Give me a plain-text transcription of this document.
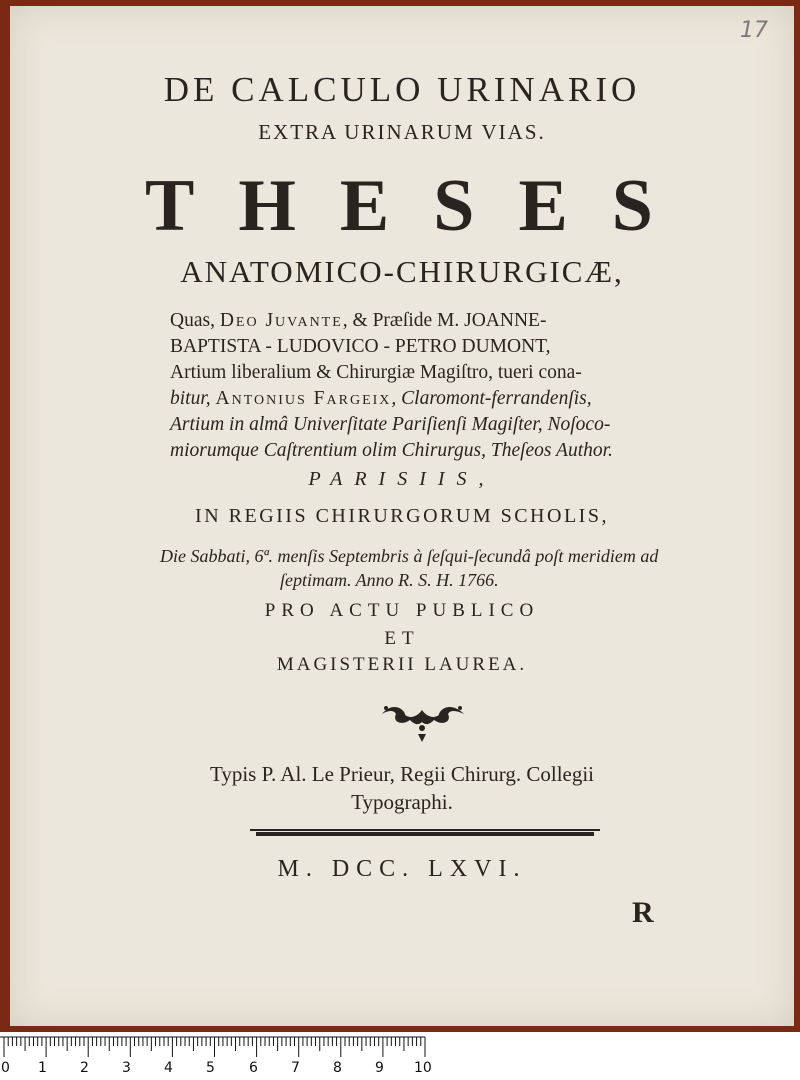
17
DE CALCULO URINARIO
EXTRA URINARUM VIAS.
THESES
ANATOMICO-CHIRURGICÆ,
Quas, Deo Juvante, & Præſide M. JOANNE-
BAPTISTA - LUDOVICO - PETRO DUMONT,
Artium liberalium & Chirurgiæ Magiſtro, tueri cona-
bitur, Antonius Fargeix, Claromont-ferrandenſis,
Artium in almâ Univerſitate Pariſienſi Magiſter, Noſoco-
miorumque Caſtrentium olim Chirurgus, Theſeos Author.
PARISIIS,
IN REGIIS CHIRURGORUM SCHOLIS,
Die Sabbati, 6ª. menſis Septembris à ſeſqui-ſecundâ poſt meridiem ad
ſeptimam. Anno R. S. H. 1766.
PRO ACTU PUBLICO
ET
MAGISTERII LAUREA.
Typis P. Al. Le Prieur, Regii Chirurg. Collegii
Typographi.
M. DCC. LXVI.
R
0 1 2 3 4 5 6 7 8 9 10
